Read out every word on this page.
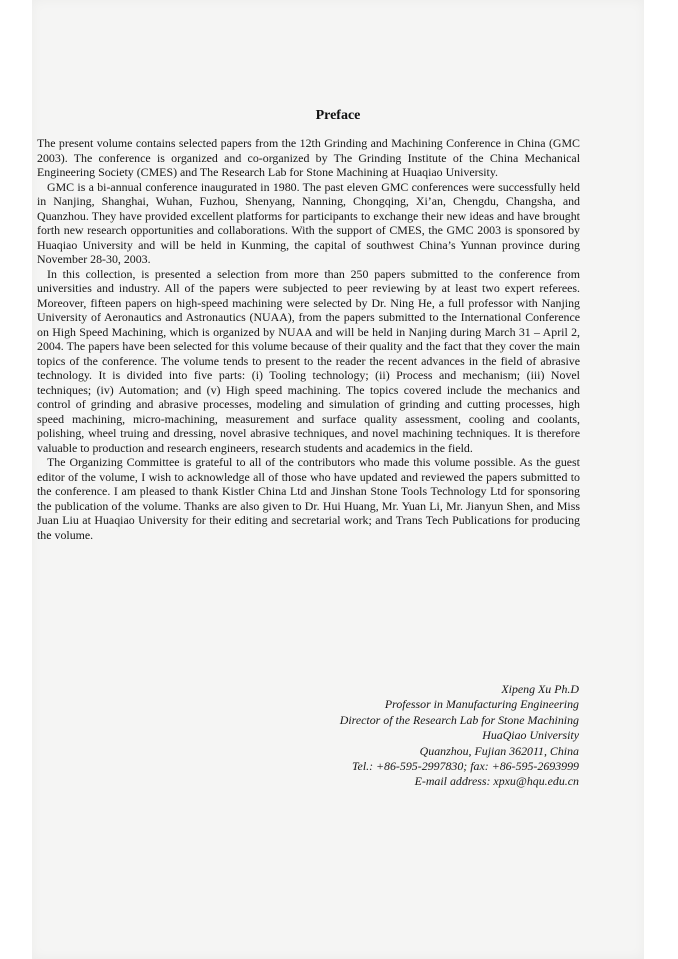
Preface

The present volume contains selected papers from the 12th Grinding and Machining Conference in China (GMC 2003). The conference is organized and co-organized by The Grinding Institute of the China Mechanical Engineering Society (CMES) and The Research Lab for Stone Machining at Huaqiao University.

GMC is a bi-annual conference inaugurated in 1980. The past eleven GMC conferences were successfully held in Nanjing, Shanghai, Wuhan, Fuzhou, Shenyang, Nanning, Chongqing, Xi’an, Chengdu, Changsha, and Quanzhou. They have provided excellent platforms for participants to exchange their new ideas and have brought forth new research opportunities and collaborations. With the support of CMES, the GMC 2003 is sponsored by Huaqiao University and will be held in Kunming, the capital of southwest China’s Yunnan province during November 28-30, 2003.

In this collection, is presented a selection from more than 250 papers submitted to the conference from universities and industry. All of the papers were subjected to peer reviewing by at least two expert referees. Moreover, fifteen papers on high-speed machining were selected by Dr. Ning He, a full professor with Nanjing University of Aeronautics and Astronautics (NUAA), from the papers submitted to the International Conference on High Speed Machining, which is organized by NUAA and will be held in Nanjing during March 31 – April 2, 2004. The papers have been selected for this volume because of their quality and the fact that they cover the main topics of the conference. The volume tends to present to the reader the recent advances in the field of abrasive technology. It is divided into five parts: (i) Tooling technology; (ii) Process and mechanism; (iii) Novel techniques; (iv) Automation; and (v) High speed machining. The topics covered include the mechanics and control of grinding and abrasive processes, modeling and simulation of grinding and cutting processes, high speed machining, micro-machining, measurement and surface quality assessment, cooling and coolants, polishing, wheel truing and dressing, novel abrasive techniques, and novel machining techniques. It is therefore valuable to production and research engineers, research students and academics in the field.

The Organizing Committee is grateful to all of the contributors who made this volume possible. As the guest editor of the volume, I wish to acknowledge all of those who have updated and reviewed the papers submitted to the conference. I am pleased to thank Kistler China Ltd and Jinshan Stone Tools Technology Ltd for sponsoring the publication of the volume. Thanks are also given to Dr. Hui Huang, Mr. Yuan Li, Mr. Jianyun Shen, and Miss Juan Liu at Huaqiao University for their editing and secretarial work; and Trans Tech Publications for producing the volume.

Xipeng Xu Ph.D
Professor in Manufacturing Engineering
Director of the Research Lab for Stone Machining
HuaQiao University
Quanzhou, Fujian 362011, China
Tel.: +86-595-2997830; fax: +86-595-2693999
E-mail address: xpxu@hqu.edu.cn
